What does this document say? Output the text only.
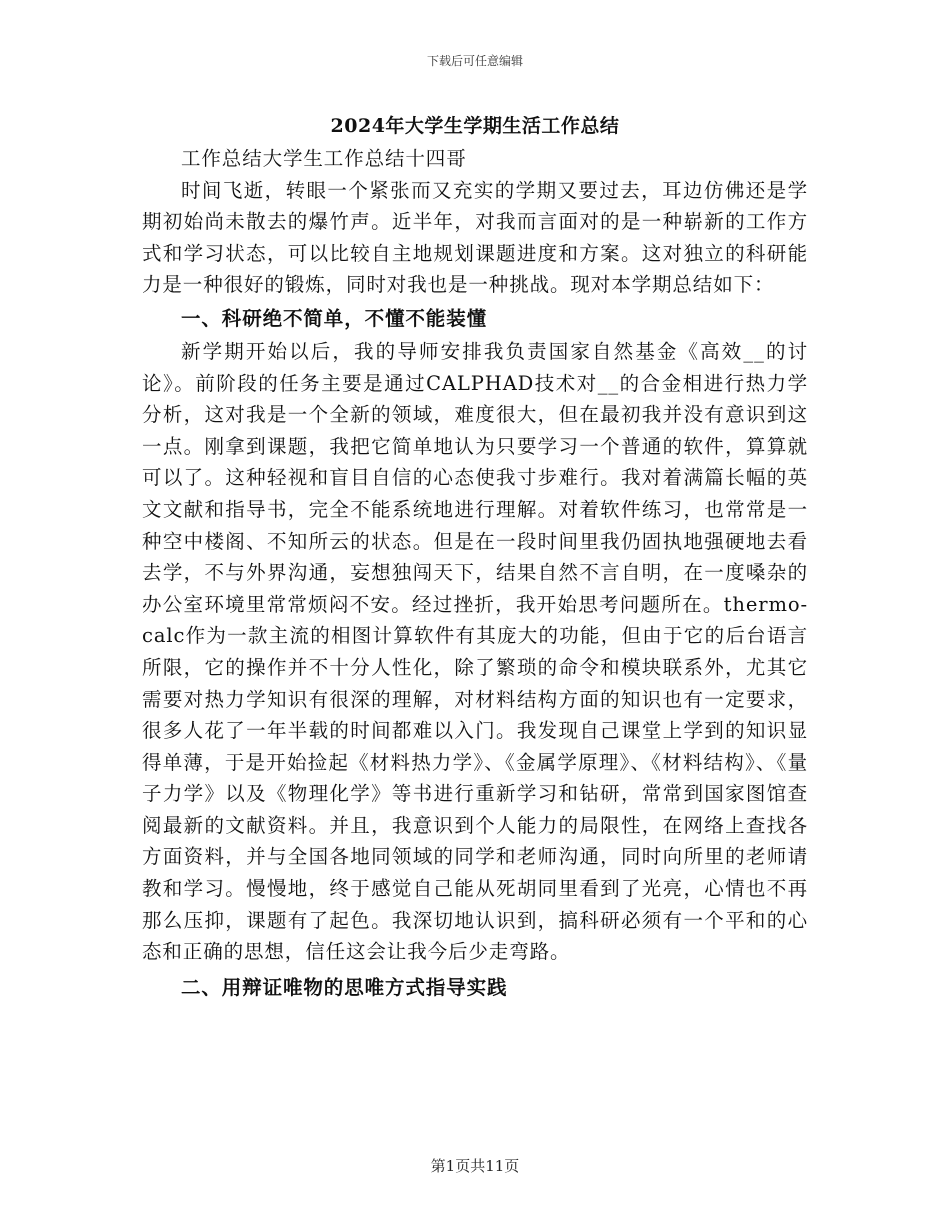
下载后可任意编辑
2024年大学生学期生活工作总结

工作总结大学生工作总结十四哥

时间飞逝，转眼一个紧张而又充实的学期又要过去，耳边仿佛还是学期初始尚未散去的爆竹声。近半年，对我而言面对的是一种崭新的工作方式和学习状态，可以比较自主地规划课题进度和方案。这对独立的科研能力是一种很好的锻炼，同时对我也是一种挑战。现对本学期总结如下：

一、科研绝不简单，不懂不能装懂

新学期开始以后，我的导师安排我负责国家自然基金《高效__的讨论》。前阶段的任务主要是通过CALPHAD技术对__的合金相进行热力学分析，这对我是一个全新的领域，难度很大，但在最初我并没有意识到这一点。刚拿到课题，我把它简单地认为只要学习一个普通的软件，算算就可以了。这种轻视和盲目自信的心态使我寸步难行。我对着满篇长幅的英文文献和指导书，完全不能系统地进行理解。对着软件练习，也常常是一种空中楼阁、不知所云的状态。但是在一段时间里我仍固执地强硬地去看去学，不与外界沟通，妄想独闯天下，结果自然不言自明，在一度嗓杂的办公室环境里常常烦闷不安。经过挫折，我开始思考问题所在。thermo-calc作为一款主流的相图计算软件有其庞大的功能，但由于它的后台语言所限，它的操作并不十分人性化，除了繁琐的命令和模块联系外，尤其它需要对热力学知识有很深的理解，对材料结构方面的知识也有一定要求，很多人花了一年半载的时间都难以入门。我发现自己课堂上学到的知识显得单薄，于是开始捡起《材料热力学》、《金属学原理》、《材料结构》、《量子力学》以及《物理化学》等书进行重新学习和钻研，常常到国家图馆查阅最新的文献资料。并且，我意识到个人能力的局限性，在网络上查找各方面资料，并与全国各地同领域的同学和老师沟通，同时向所里的老师请教和学习。慢慢地，终于感觉自己能从死胡同里看到了光亮，心情也不再那么压抑，课题有了起色。我深切地认识到，搞科研必须有一个平和的心态和正确的思想，信任这会让我今后少走弯路。

二、用辩证唯物的思唯方式指导实践
第1页共11页
